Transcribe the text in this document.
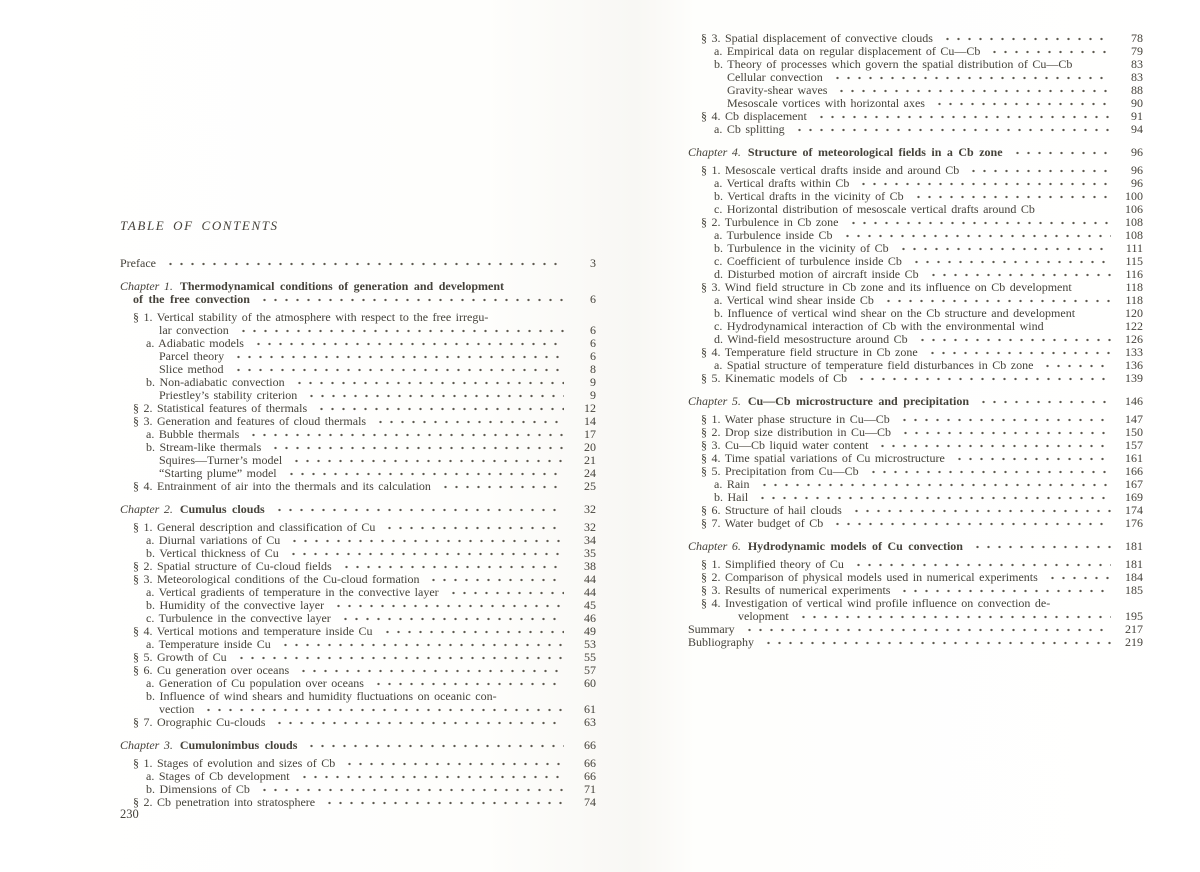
TABLE OF CONTENTS
Preface	3
Chapter 1. Thermodynamical conditions of generation and development
of the free convection	6
§ 1. Vertical stability of the atmosphere with respect to the free irregu-
lar convection	6
a. Adiabatic models	6
Parcel theory	6
Slice method	8
b. Non-adiabatic convection	9
Priestley’s stability criterion	9
§ 2. Statistical features of thermals	12
§ 3. Generation and features of cloud thermals	14
a. Bubble thermals	17
b. Stream-like thermals	20
Squires—Turner’s model	21
“Starting plume” model	24
§ 4. Entrainment of air into the thermals and its calculation	25
Chapter 2. Cumulus clouds	32
§ 1. General description and classification of Cu	32
a. Diurnal variations of Cu	34
b. Vertical thickness of Cu	35
§ 2. Spatial structure of Cu-cloud fields	38
§ 3. Meteorological conditions of the Cu-cloud formation	44
a. Vertical gradients of temperature in the convective layer	44
b. Humidity of the convective layer	45
c. Turbulence in the convective layer	46
§ 4. Vertical motions and temperature inside Cu	49
a. Temperature inside Cu	53
§ 5. Growth of Cu	55
§ 6. Cu generation over oceans	57
a. Generation of Cu population over oceans	60
b. Influence of wind shears and humidity fluctuations on oceanic con-
vection	61
§ 7. Orographic Cu-clouds	63
Chapter 3. Cumulonimbus clouds	66
§ 1. Stages of evolution and sizes of Cb	66
a. Stages of Cb development	66
b. Dimensions of Cb	71
§ 2. Cb penetration into stratosphere	74
§ 3. Spatial displacement of convective clouds	78
a. Empirical data on regular displacement of Cu—Cb	79
b. Theory of processes which govern the spatial distribution of Cu—Cb	83
Cellular convection	83
Gravity-shear waves	88
Mesoscale vortices with horizontal axes	90
§ 4. Cb displacement	91
a. Cb splitting	94
Chapter 4. Structure of meteorological fields in a Cb zone	96
§ 1. Mesoscale vertical drafts inside and around Cb	96
a. Vertical drafts within Cb	96
b. Vertical drafts in the vicinity of Cb	100
c. Horizontal distribution of mesoscale vertical drafts around Cb	106
§ 2. Turbulence in Cb zone	108
a. Turbulence inside Cb	108
b. Turbulence in the vicinity of Cb	111
c. Coefficient of turbulence inside Cb	115
d. Disturbed motion of aircraft inside Cb	116
§ 3. Wind field structure in Cb zone and its influence on Cb development	118
a. Vertical wind shear inside Cb	118
b. Influence of vertical wind shear on the Cb structure and development	120
c. Hydrodynamical interaction of Cb with the environmental wind	122
d. Wind-field mesostructure around Cb	126
§ 4. Temperature field structure in Cb zone	133
a. Spatial structure of temperature field disturbances in Cb zone	136
§ 5. Kinematic models of Cb	139
Chapter 5. Cu—Cb microstructure and precipitation	146
§ 1. Water phase structure in Cu—Cb	147
§ 2. Drop size distribution in Cu—Cb	150
§ 3. Cu—Cb liquid water content	157
§ 4. Time spatial variations of Cu microstructure	161
§ 5. Precipitation from Cu—Cb	166
a. Rain	167
b. Hail	169
§ 6. Structure of hail clouds	174
§ 7. Water budget of Cb	176
Chapter 6. Hydrodynamic models of Cu convection	181
§ 1. Simplified theory of Cu	181
§ 2. Comparison of physical models used in numerical experiments	184
§ 3. Results of numerical experiments	185
§ 4. Investigation of vertical wind profile influence on convection de-
velopment	195
Summary	217
Bubliography	219
230
